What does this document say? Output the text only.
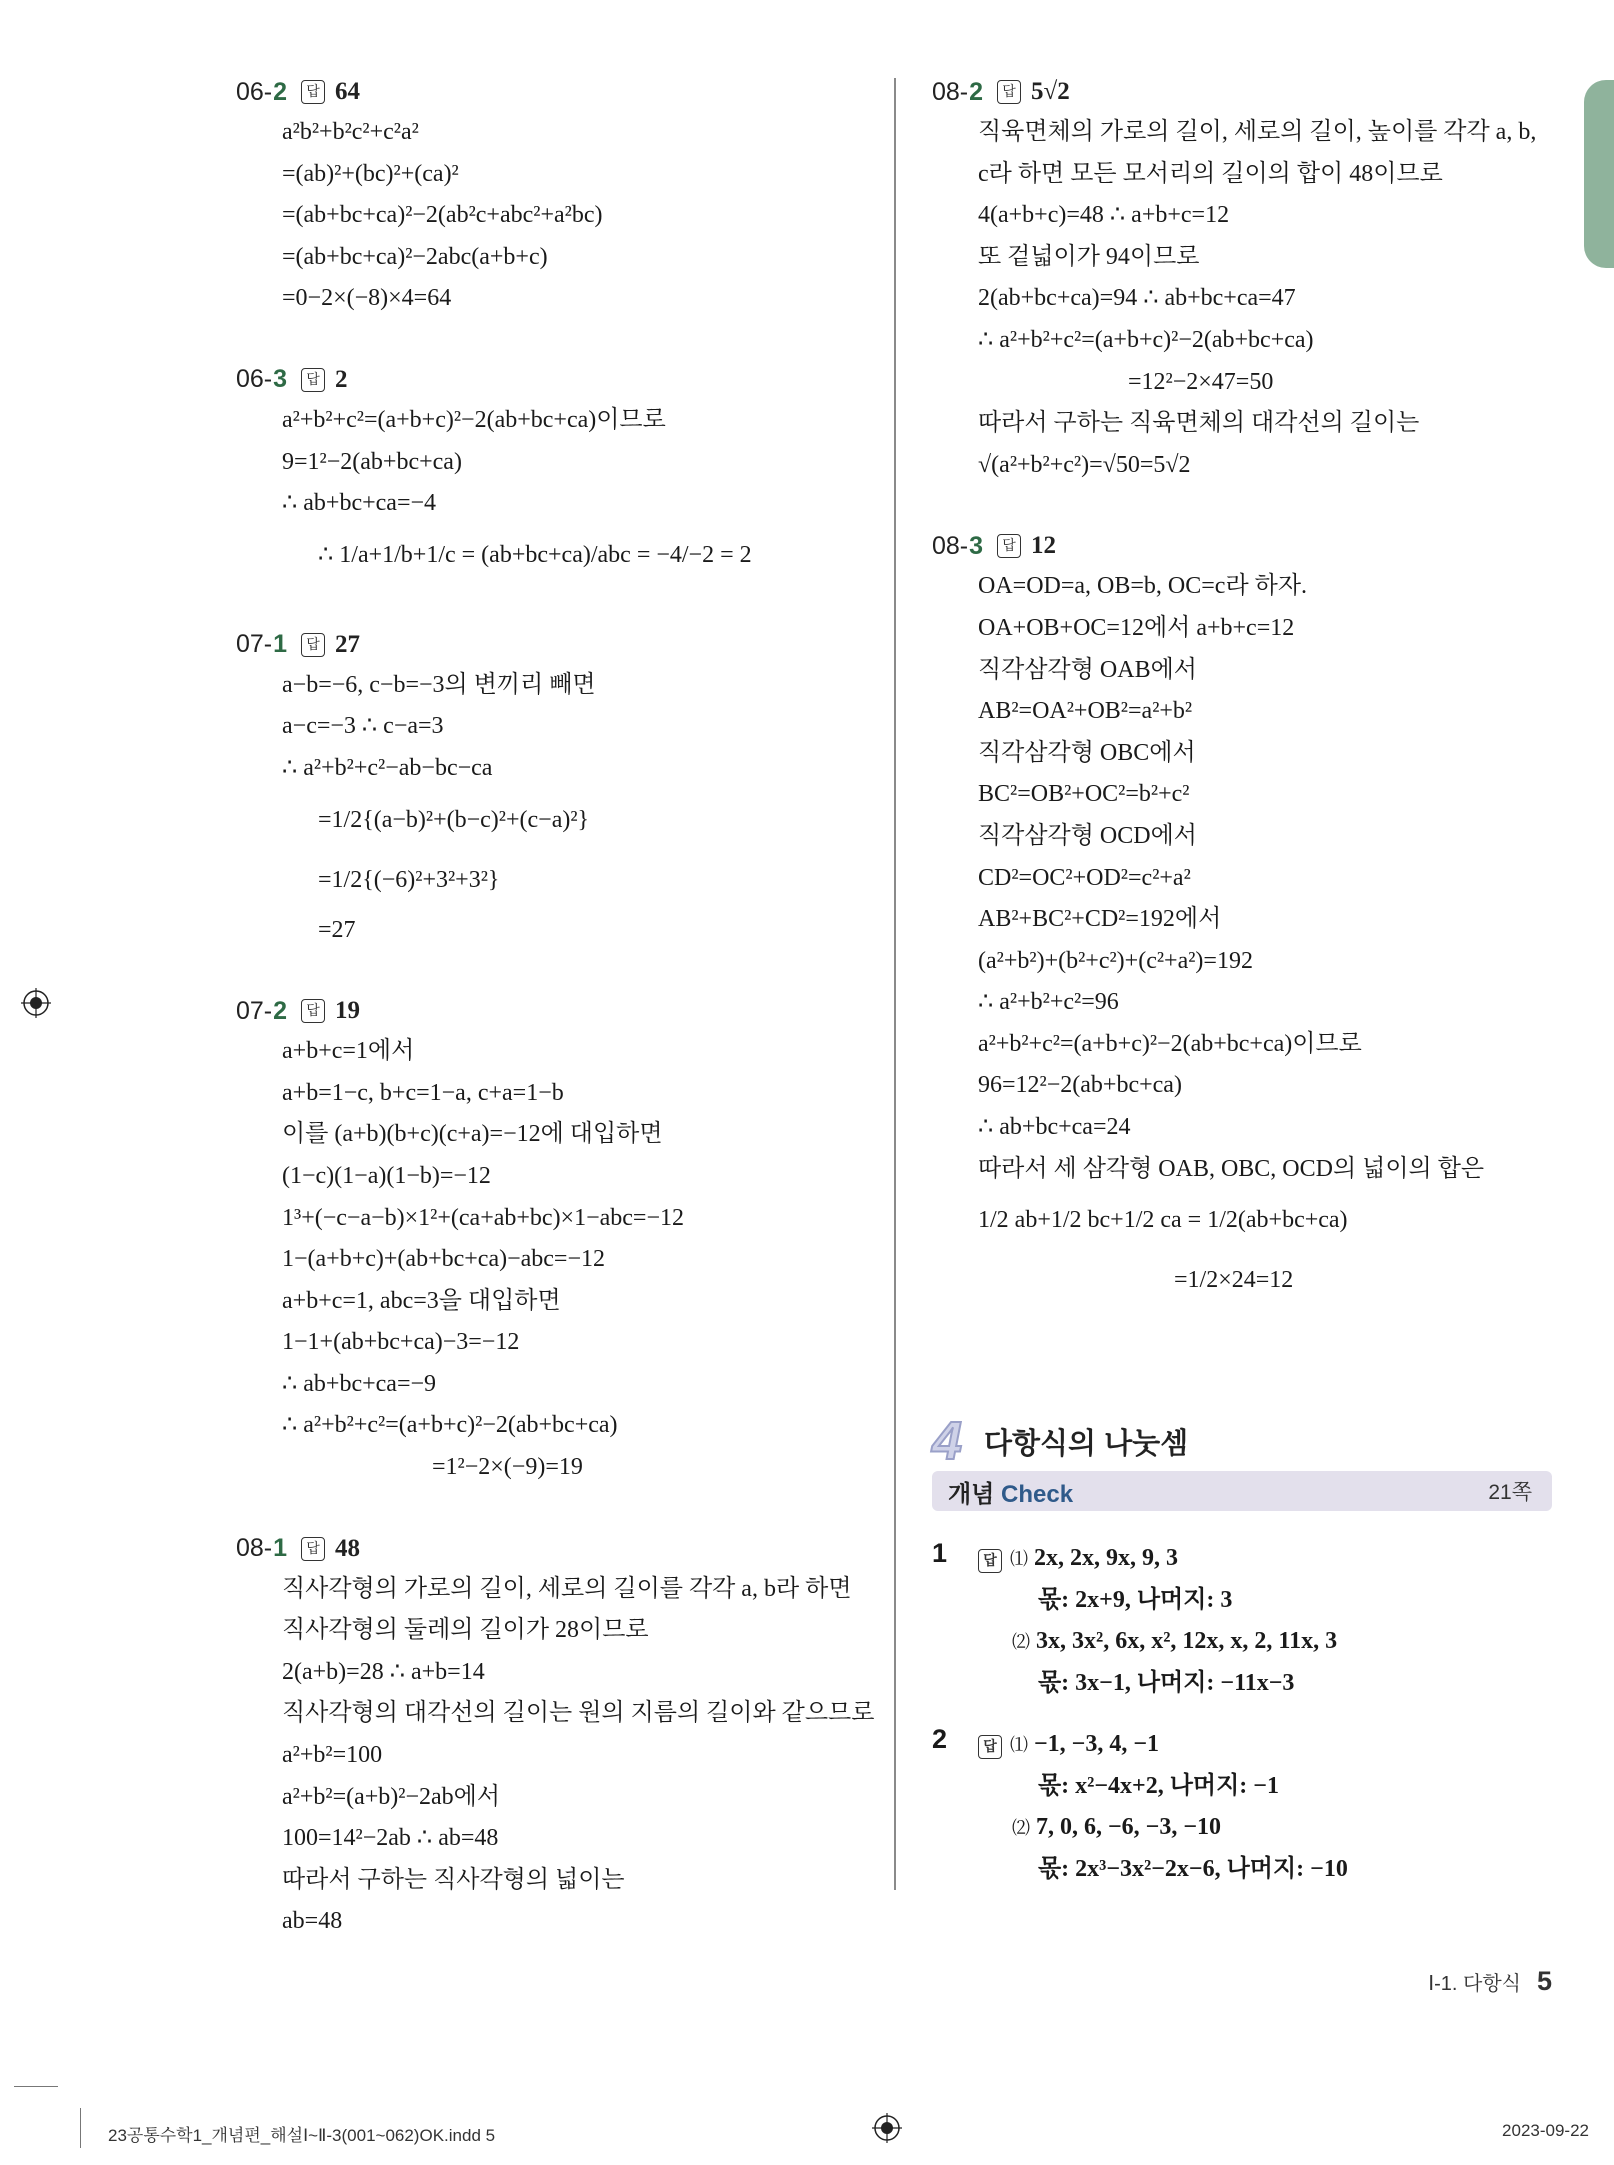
06- 2	답 64
a²b²+b²c²+c²a²
=(ab)²+(bc)²+(ca)²
=(ab+bc+ca)²−2(ab²c+abc²+a²bc)
=(ab+bc+ca)²−2abc(a+b+c)
=0−2×(−8)×4=64
06- 3	답 2
a²+b²+c²=(a+b+c)²−2(ab+bc+ca)이므로
9=1²−2(ab+bc+ca)
∴ ab+bc+ca=−4
∴ 1/a+1/b+1/c = (ab+bc+ca)/abc = −4/−2 = 2
07- 1	답 27
a−b=−6, c−b=−3의 변끼리 빼면
a−c=−3 ∴ c−a=3
∴ a²+b²+c²−ab−bc−ca
=1/2{(a−b)²+(b−c)²+(c−a)²}
=1/2{(−6)²+3²+3²}
=27
07- 2	답 19
a+b+c=1에서
a+b=1−c, b+c=1−a, c+a=1−b
이를 (a+b)(b+c)(c+a)=−12에 대입하면
(1−c)(1−a)(1−b)=−12
1³+(−c−a−b)×1²+(ca+ab+bc)×1−abc=−12
1−(a+b+c)+(ab+bc+ca)−abc=−12
a+b+c=1, abc=3을 대입하면
1−1+(ab+bc+ca)−3=−12
∴ ab+bc+ca=−9
∴ a²+b²+c²=(a+b+c)²−2(ab+bc+ca)
=1²−2×(−9)=19
08- 1	답 48
직사각형의 가로의 길이, 세로의 길이를 각각 a, b라 하면
직사각형의 둘레의 길이가 28이므로
2(a+b)=28 ∴ a+b=14
직사각형의 대각선의 길이는 원의 지름의 길이와 같으므로
a²+b²=100
a²+b²=(a+b)²−2ab에서
100=14²−2ab ∴ ab=48
따라서 구하는 직사각형의 넓이는
ab=48
08- 2	답 5√2
직육면체의 가로의 길이, 세로의 길이, 높이를 각각 a, b,
c라 하면 모든 모서리의 길이의 합이 48이므로
4(a+b+c)=48 ∴ a+b+c=12
또 겉넓이가 94이므로
2(ab+bc+ca)=94 ∴ ab+bc+ca=47
∴ a²+b²+c²=(a+b+c)²−2(ab+bc+ca)
=12²−2×47=50
따라서 구하는 직육면체의 대각선의 길이는
√(a²+b²+c²)=√50=5√2
08- 3	답 12
OA=OD=a, OB=b, OC=c라 하자.
OA+OB+OC=12에서 a+b+c=12
직각삼각형 OAB에서
AB²=OA²+OB²=a²+b²
직각삼각형 OBC에서
BC²=OB²+OC²=b²+c²
직각삼각형 OCD에서
CD²=OC²+OD²=c²+a²
AB²+BC²+CD²=192에서
(a²+b²)+(b²+c²)+(c²+a²)=192
∴ a²+b²+c²=96
a²+b²+c²=(a+b+c)²−2(ab+bc+ca)이므로
96=12²−2(ab+bc+ca)
∴ ab+bc+ca=24
따라서 세 삼각형 OAB, OBC, OCD의 넓이의 합은
1/2 ab+1/2 bc+1/2 ca = 1/2(ab+bc+ca)
=1/2×24=12
4 다항식의 나눗셈
개념 Check	21쪽
1	답 ⑴ 2x, 2x, 9x, 9, 3
몫: 2x+9, 나머지: 3
⑵ 3x, 3x², 6x, x², 12x, x, 2, 11x, 3
몫: 3x−1, 나머지: −11x−3
2	답 ⑴ −1, −3, 4, −1
몫: x²−4x+2, 나머지: −1
⑵ 7, 0, 6, −6, −3, −10
몫: 2x³−3x²−2x−6, 나머지: −10
Ⅰ-1. 다항식 5
23공통수학1_개념편_해설Ⅰ~Ⅱ-3(001~062)OK.indd 5	2023-09-22
